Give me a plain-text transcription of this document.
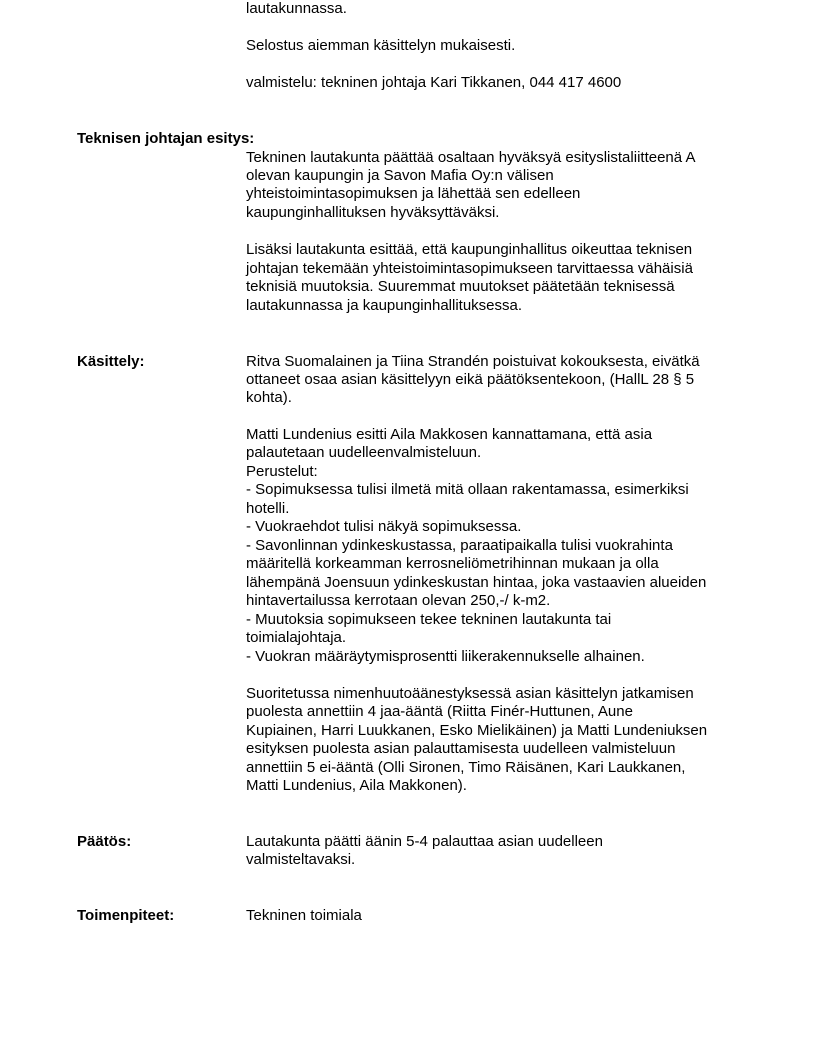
lautakunnassa.
Selostus aiemman käsittelyn mukaisesti.
valmistelu: tekninen johtaja Kari Tikkanen, 044 417 4600
Teknisen johtajan esitys:
Tekninen lautakunta päättää osaltaan hyväksyä esityslistaliitteenä A
olevan kaupungin ja Savon Mafia Oy:n välisen
yhteistoimintasopimuksen ja lähettää sen edelleen
kaupunginhallituksen hyväksyttäväksi.
Lisäksi lautakunta esittää, että kaupunginhallitus oikeuttaa teknisen
johtajan tekemään yhteistoimintasopimukseen tarvittaessa vähäisiä
teknisiä muutoksia. Suuremmat muutokset päätetään teknisessä
lautakunnassa ja kaupunginhallituksessa.
Käsittely:	Ritva Suomalainen ja Tiina Strandén poistuivat kokouksesta, eivätkä
ottaneet osaa asian käsittelyyn eikä päätöksentekoon, (HallL 28 § 5
kohta).
Matti Lundenius esitti Aila Makkosen kannattamana, että asia
palautetaan uudelleenvalmisteluun.
Perustelut:
- Sopimuksessa tulisi ilmetä mitä ollaan rakentamassa, esimerkiksi
hotelli.
- Vuokraehdot tulisi näkyä sopimuksessa.
- Savonlinnan ydinkeskustassa, paraatipaikalla tulisi vuokrahinta
määritellä korkeamman kerrosneliömetrihinnan mukaan ja olla
lähempänä Joensuun ydinkeskustan hintaa, joka vastaavien alueiden
hintavertailussa kerrotaan olevan 250,-/ k-m2.
- Muutoksia sopimukseen tekee tekninen lautakunta tai
toimialajohtaja.
- Vuokran määräytymisprosentti liikerakennukselle alhainen.
Suoritetussa nimenhuutoäänestyksessä asian käsittelyn jatkamisen
puolesta annettiin 4 jaa-ääntä (Riitta Finér-Huttunen, Aune
Kupiainen, Harri Luukkanen, Esko Mielikäinen) ja Matti Lundeniuksen
esityksen puolesta asian palauttamisesta uudelleen valmisteluun
annettiin 5 ei-ääntä (Olli Sironen, Timo Räisänen, Kari Laukkanen,
Matti Lundenius, Aila Makkonen).
Päätös:	Lautakunta päätti äänin 5-4 palauttaa asian uudelleen
valmisteltavaksi.
Toimenpiteet:	Tekninen toimiala
